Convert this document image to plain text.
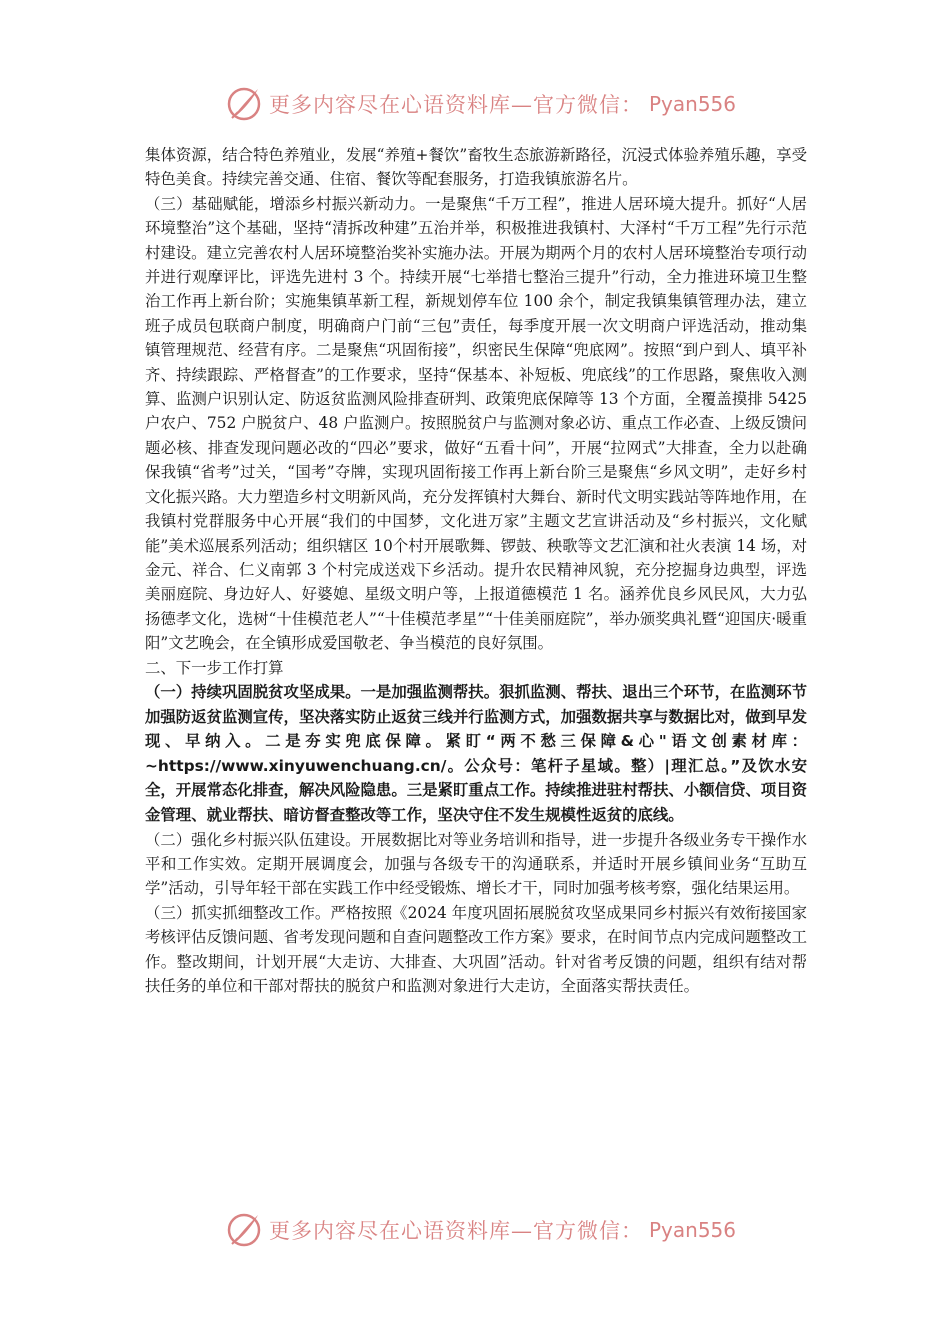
更多内容尽在心语资料库—官方微信： Pyan556

集体资源，结合特色养殖业，发展“养殖+餐饮”畜牧生态旅游新路径，沉浸式体验养殖乐趣，享受特色美食。持续完善交通、住宿、餐饮等配套服务，打造我镇旅游名片。

（三）基础赋能，增添乡村振兴新动力。一是聚焦“千万工程”，推进人居环境大提升。抓好“人居环境整治”这个基础，坚持“清拆改种建”五治并举，积极推进我镇村、大泽村“千万工程”先行示范村建设。建立完善农村人居环境整治奖补实施办法。开展为期两个月的农村人居环境整治专项行动并进行观摩评比，评选先进村 3 个。持续开展“七举措七整治三提升”行动，全力推进环境卫生整治工作再上新台阶；实施集镇革新工程，新规划停车位 100 余个，制定我镇集镇管理办法，建立班子成员包联商户制度，明确商户门前“三包”责任，每季度开展一次文明商户评选活动，推动集镇管理规范、经营有序。二是聚焦“巩固衔接”，织密民生保障“兜底网”。按照“到户到人、填平补齐、持续跟踪、严格督查”的工作要求，坚持“保基本、补短板、兜底线”的工作思路，聚焦收入测算、监测户识别认定、防返贫监测风险排查研判、政策兜底保障等 13 个方面，全覆盖摸排 5425户农户、752 户脱贫户、48 户监测户。按照脱贫户与监测对象必访、重点工作必查、上级反馈问题必核、排查发现问题必改的“四必”要求，做好“五看十问”，开展“拉网式”大排查，全力以赴确保我镇“省考”过关，“国考”夺牌，实现巩固衔接工作再上新台阶三是聚焦“乡风文明”，走好乡村文化振兴路。大力塑造乡村文明新风尚，充分发挥镇村大舞台、新时代文明实践站等阵地作用，在我镇村党群服务中心开展“我们的中国梦，文化进万家”主题文艺宣讲活动及“乡村振兴，文化赋能”美术巡展系列活动；组织辖区 10个村开展歌舞、锣鼓、秧歌等文艺汇演和社火表演 14 场，对金元、祥合、仁义南郭 3 个村完成送戏下乡活动。提升农民精神风貌，充分挖掘身边典型，评选美丽庭院、身边好人、好婆媳、星级文明户等，上报道德模范 1 名。涵养优良乡风民风，大力弘扬德孝文化，选树“十佳模范老人”“十佳模范孝星”“十佳美丽庭院”，举办颁奖典礼暨“迎国庆·暖重阳”文艺晚会，在全镇形成爱国敬老、争当模范的良好氛围。

二、下一步工作打算

（一）持续巩固脱贫攻坚成果。一是加强监测帮扶。狠抓监测、帮扶、退出三个环节，在监测环节加强防返贫监测宣传，坚决落实防止返贫三线并行监测方式，加强数据共享与数据比对，做到早发现、早纳入。二是夯实兜底保障。紧盯“两不愁三保障&心"语文创素材库：~https://www.xinyuwenchuang.cn/。公众号：笔杆子星域。整）|理汇总。”及饮水安全，开展常态化排查，解决风险隐患。三是紧盯重点工作。持续推进驻村帮扶、小额信贷、项目资金管理、就业帮扶、暗访督查整改等工作，坚决守住不发生规模性返贫的底线。

（二）强化乡村振兴队伍建设。开展数据比对等业务培训和指导，进一步提升各级业务专干操作水平和工作实效。定期开展调度会，加强与各级专干的沟通联系，并适时开展乡镇间业务“互助互学”活动，引导年轻干部在实践工作中经受锻炼、增长才干，同时加强考核考察，强化结果运用。

（三）抓实抓细整改工作。严格按照《2024 年度巩固拓展脱贫攻坚成果同乡村振兴有效衔接国家考核评估反馈问题、省考发现问题和自查问题整改工作方案》要求，在时间节点内完成问题整改工作。整改期间，计划开展“大走访、大排查、大巩固”活动。针对省考反馈的问题，组织有结对帮扶任务的单位和干部对帮扶的脱贫户和监测对象进行大走访，全面落实帮扶责任。

更多内容尽在心语资料库—官方微信： Pyan556
